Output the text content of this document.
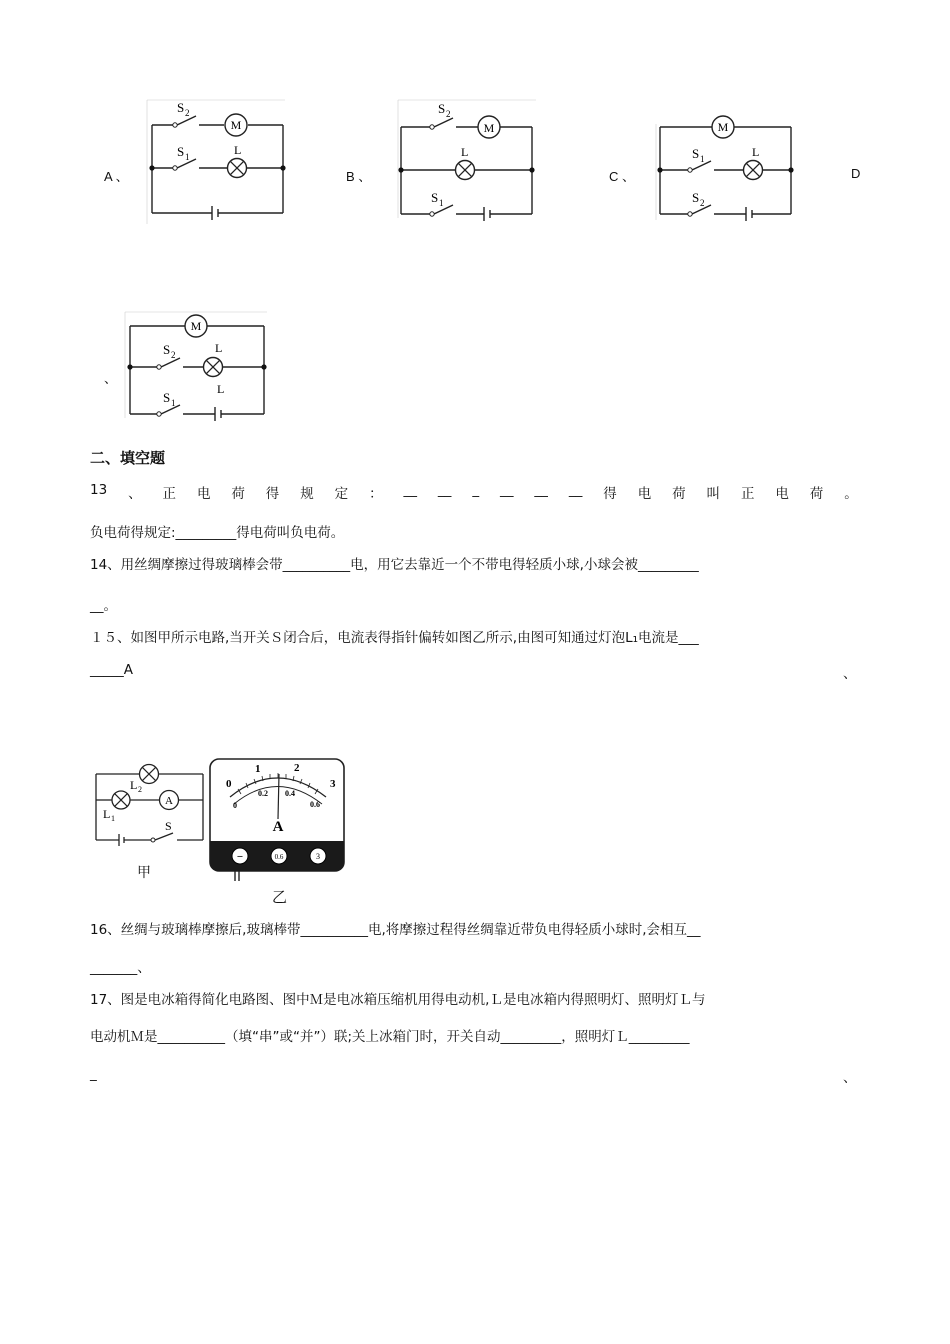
A 、	B 、	C 、	D
、
S 2
S 1
M
L
S 2
M
L
S 1
M
S 1	L
S 2
M
S 2	L
L
S 1
二、填空题
13 、 正 电 荷 得 规 定 ： __ __ _ __ __ __ 得 电 荷 叫 正 电 荷 。
负电荷得规定:_________得电荷叫负电荷。
14、用丝绸摩擦过得玻璃棒会带__________电，用它去靠近一个不带电得轻质小球,小球会被_________
__。
１５、如图甲所示电路,当开关Ｓ闭合后，电流表得指针偏转如图乙所示,由图可知通过灯泡L₁电流是___
_____A	、
A
L 2
L 1
S
甲
0
1	2
3
0
0.2 0.4
0.6
A
−	0.6	3
乙
16、丝绸与玻璃棒摩擦后,玻璃棒带__________电,将摩擦过程得丝绸靠近带负电得轻质小球时,会相互__
_______、
17、图是电冰箱得简化电路图、图中Ｍ是电冰箱压缩机用得电动机,Ｌ是电冰箱内得照明灯、照明灯Ｌ与
电动机Ｍ是__________（填“串”或“并”）联;关上冰箱门时，开关自动_________，照明灯Ｌ_________
_	、
